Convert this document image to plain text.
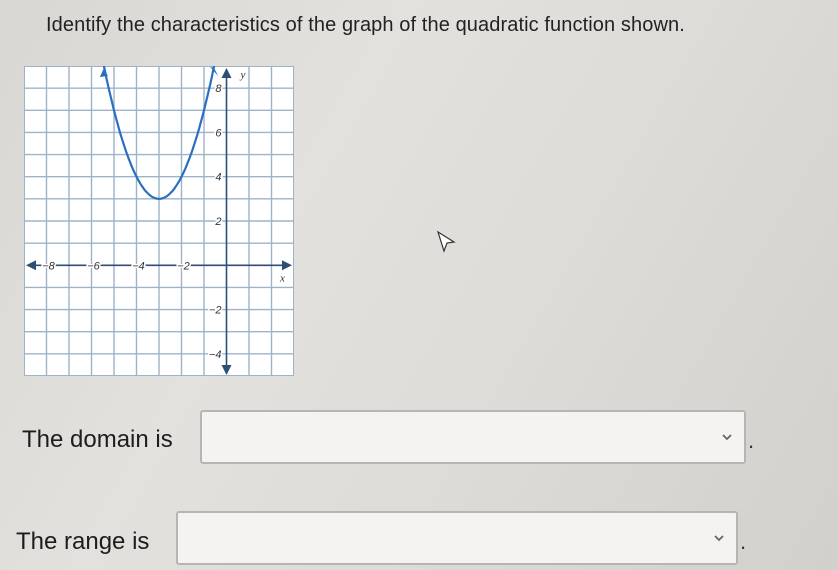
Identify the characteristics of the graph of the quadratic function shown.
−8	−6	−4	−2
8
6
4
2
−2
−4
x
y
The domain is	.
The range is	.
